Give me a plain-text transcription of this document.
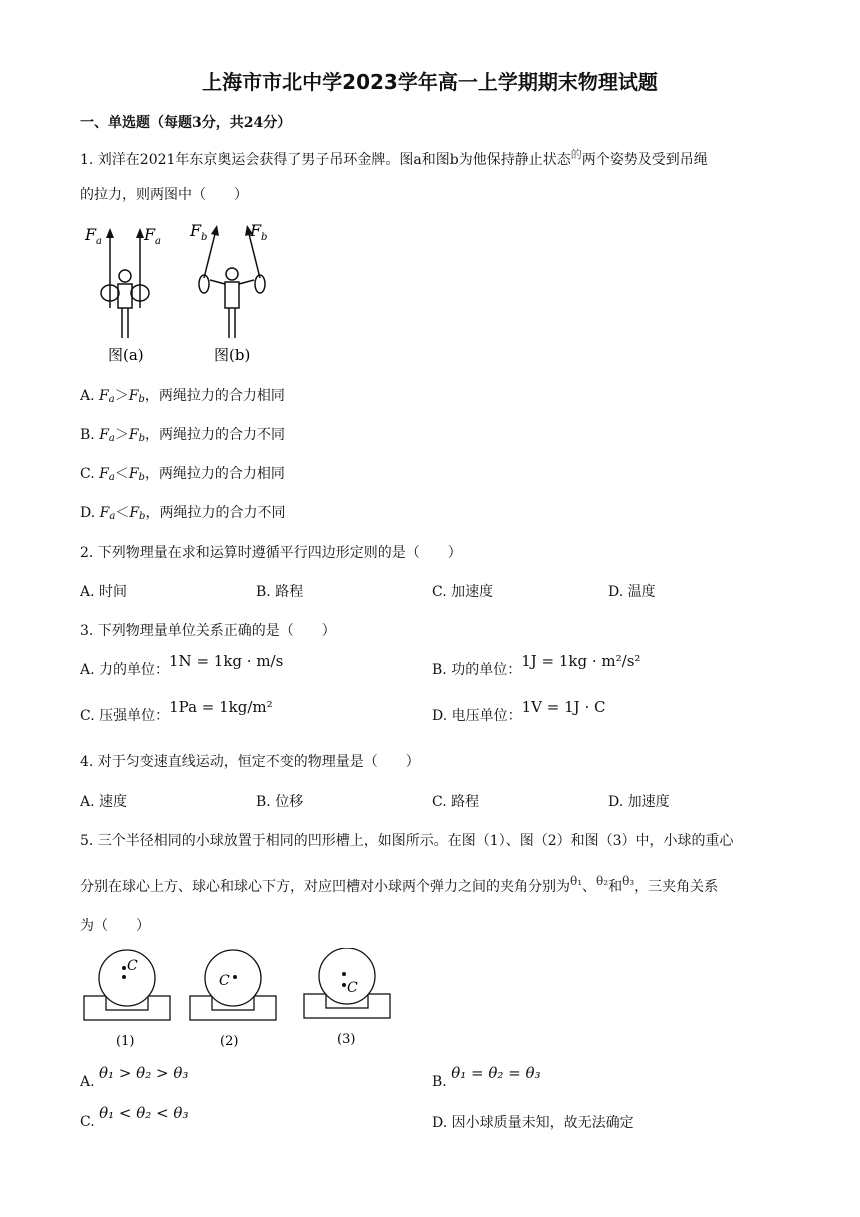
上海市市北中学2023学年高一上学期期末物理试题
一、单选题（每题3分，共24分）
1. 刘洋在2021年东京奥运会获得了男子吊环金牌。图a和图b为他保持静止状态$^的$两个姿势及受到吊绳
的拉力，则两图中（　　）
F a	F a
图(a)
F b	F b
图(b)
A. $F_a>F_b$，两绳拉力的合力相同
B. $F_a>F_b$，两绳拉力的合力不同
C. $F_a<F_b$，两绳拉力的合力相同
D. $F_a<F_b$，两绳拉力的合力不同
2. 下列物理量在求和运算时遵循平行四边形定则的是（　　）
A. 时间	B. 路程	C. 加速度	D. 温度
3. 下列物理量单位关系正确的是（　　）
A. 力的单位：1N = 1kg · m/s	B. 功的单位：1J = 1kg · m²/s²
C. 压强单位：1Pa = 1kg/m²	D. 电压单位：1V = 1J · C
4. 对于匀变速直线运动，恒定不变的物理量是（　　）
A. 速度	B. 位移	C. 路程	D. 加速度
5. 三个半径相同的小球放置于相同的凹形槽上，如图所示。在图（1）、图（2）和图（3）中，小球的重心
分别在球心上方、球心和球心下方，对应凹槽对小球两个弹力之间的夹角分别为θ₁、θ₂和θ₃，三夹角关系
为（　　）
C
(1)
C
(2)
C
(3)
A. θ₁ > θ₂ > θ₃	B. θ₁ = θ₂ = θ₃
C. θ₁ < θ₂ < θ₃
D. 因小球质量未知，故无法确定
